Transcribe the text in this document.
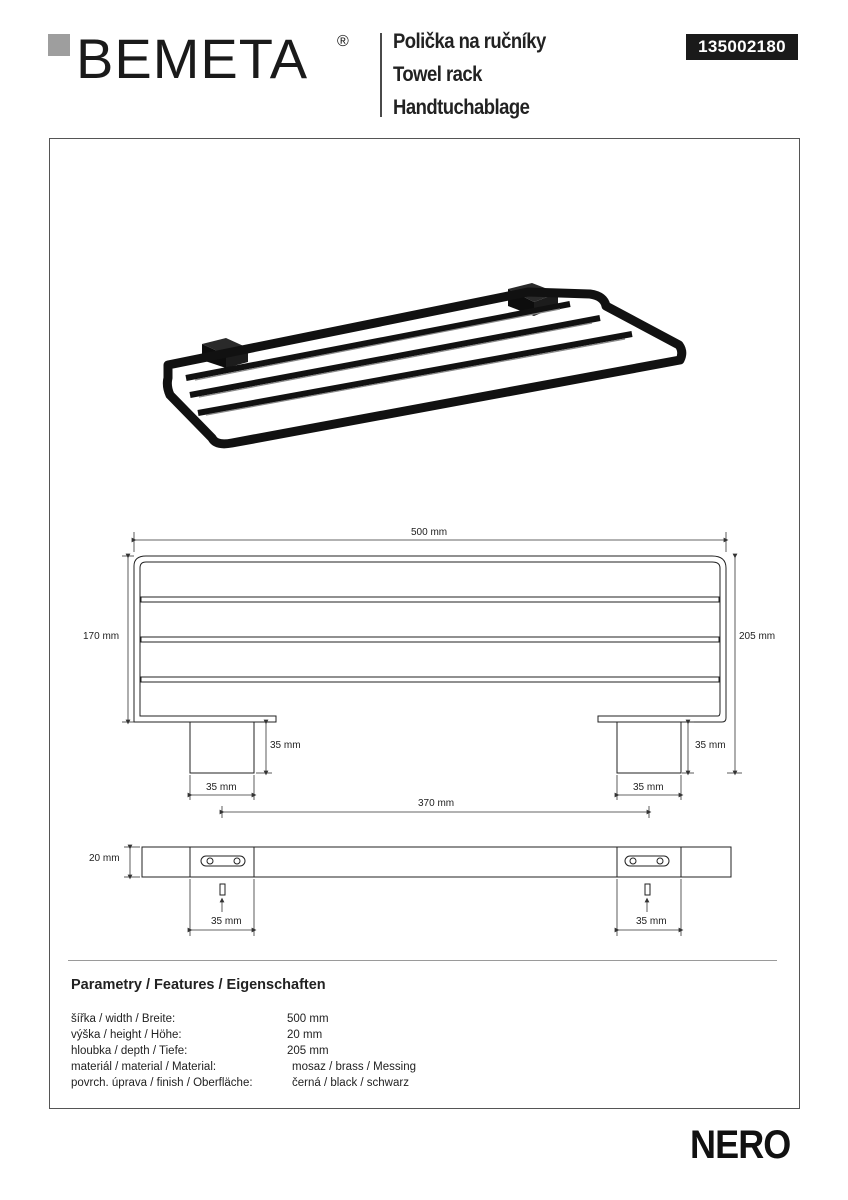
BEMETA ® Polička na ručníky
Towel rack
Handtuchablage
135002180
500 mm
170 mm	205 mm
35 mm	35 mm
35 mm	35 mm
370 mm
20 mm
35 mm	35 mm
Parametry / Features / Eigenschaften
šířka / width / Breite:	500 mm
výška / height / Höhe:	20 mm
hloubka / depth / Tiefe:	205 mm
materiál / material / Material:	mosaz / brass / Messing
povrch. úprava / finish / Oberfläche:	černá / black / schwarz
NERO
